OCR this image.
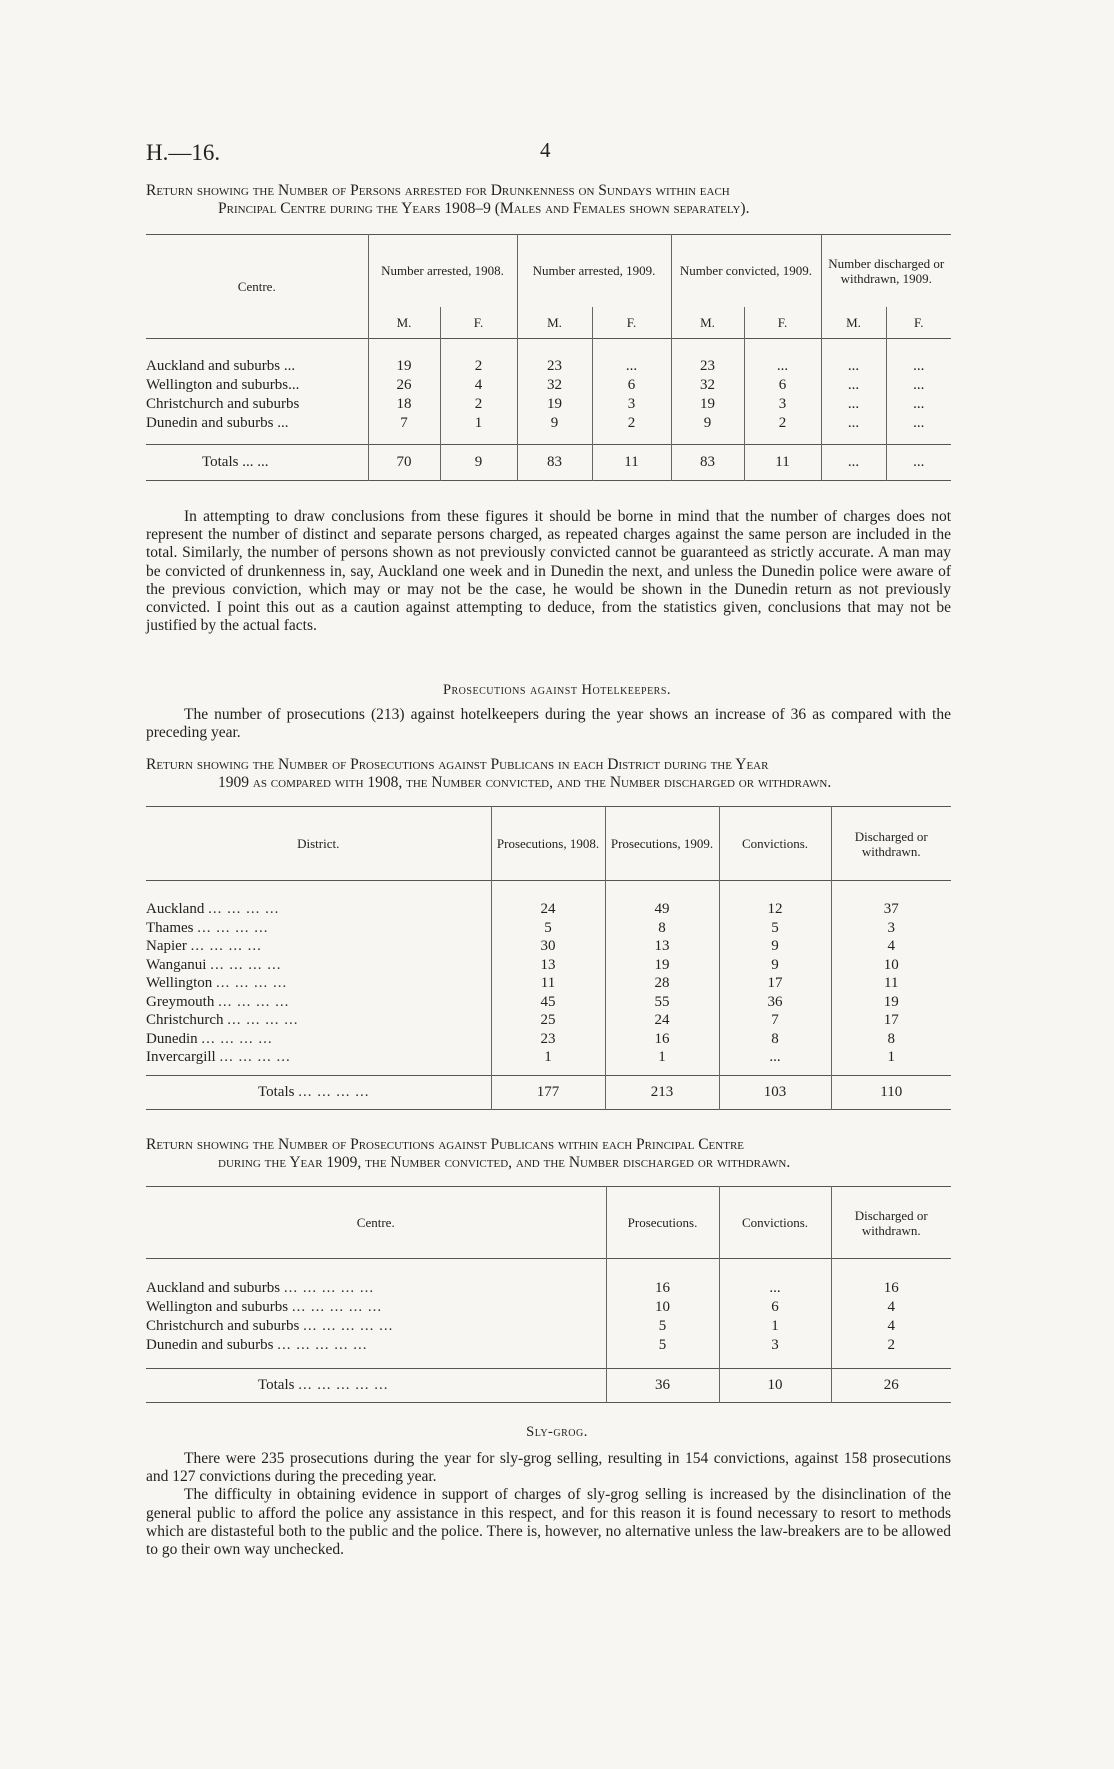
H.—16.	4

Return showing the Number of Persons arrested for Drunkenness on Sundays within each

Principal Centre during the Years 1908–9 (Males and Females shown separately).

Centre.	Number arrested, 1908.		Number arrested, 1909.		Number convicted, 1909.		Number discharged or withdrawn, 1909.	
	M.	F.	M.	F.	M.	F.	M.	F.

Auckland and suburbs ...	19	2	23	...	23	...	...	...
Wellington and suburbs...	26	4	32	6	32	6	...	...
Christchurch and suburbs	18	2	19	3	19	3	...	...
Dunedin and suburbs ...	7	1	9	2	9	2	...	...

Totals ... ...	70	9	83	11	83	11	...	...

In attempting to draw conclusions from these figures it should be borne in mind that the number of charges does not represent the number of distinct and separate persons charged, as repeated charges against the same person are included in the total. Similarly, the number of persons shown as not previously convicted cannot be guaranteed as strictly accurate. A man may be convicted of drunkenness in, say, Auckland one week and in Dunedin the next, and unless the Dunedin police were aware of the previous conviction, which may or may not be the case, he would be shown in the Dunedin return as not previously convicted. I point this out as a caution against attempting to deduce, from the statistics given, conclusions that may not be justified by the actual facts.

Prosecutions against Hotelkeepers.

The number of prosecutions (213) against hotelkeepers during the year shows an increase of 36 as compared with the preceding year.

Return showing the Number of Prosecutions against Publicans in each District during the Year

1909 as compared with 1908, the Number convicted, and the Number discharged or withdrawn.

District.	Prosecutions, 1908.	Prosecutions, 1909.	Convictions.	Discharged or withdrawn.

Auckland ... ... ... ...	24	49	12	37
Thames ... ... ... ...	5	8	5	3
Napier ... ... ... ...	30	13	9	4
Wanganui ... ... ... ...	13	19	9	10
Wellington ... ... ... ...	11	28	17	11
Greymouth ... ... ... ...	45	55	36	19
Christchurch ... ... ... ...	25	24	7	17
Dunedin ... ... ... ...	23	16	8	8
Invercargill ... ... ... ...	1	1	...	1

Totals ... ... ... ...	177	213	103	110

Return showing the Number of Prosecutions against Publicans within each Principal Centre

during the Year 1909, the Number convicted, and the Number discharged or withdrawn.

Centre.	Prosecutions.	Convictions.	Discharged or withdrawn.

Auckland and suburbs ... ... ... ... ...	16	...	16
Wellington and suburbs ... ... ... ... ...	10	6	4
Christchurch and suburbs ... ... ... ... ...	5	1	4
Dunedin and suburbs ... ... ... ... ...	5	3	2

Totals ... ... ... ... ...	36	10	26
Sly-grog.

There were 235 prosecutions during the year for sly-grog selling, resulting in 154 convictions, against 158 prosecutions and 127 convictions during the preceding year.

The difficulty in obtaining evidence in support of charges of sly-grog selling is increased by the disinclination of the general public to afford the police any assistance in this respect, and for this reason it is found necessary to resort to methods which are distasteful both to the public and the police. There is, however, no alternative unless the law-breakers are to be allowed to go their own way unchecked.
